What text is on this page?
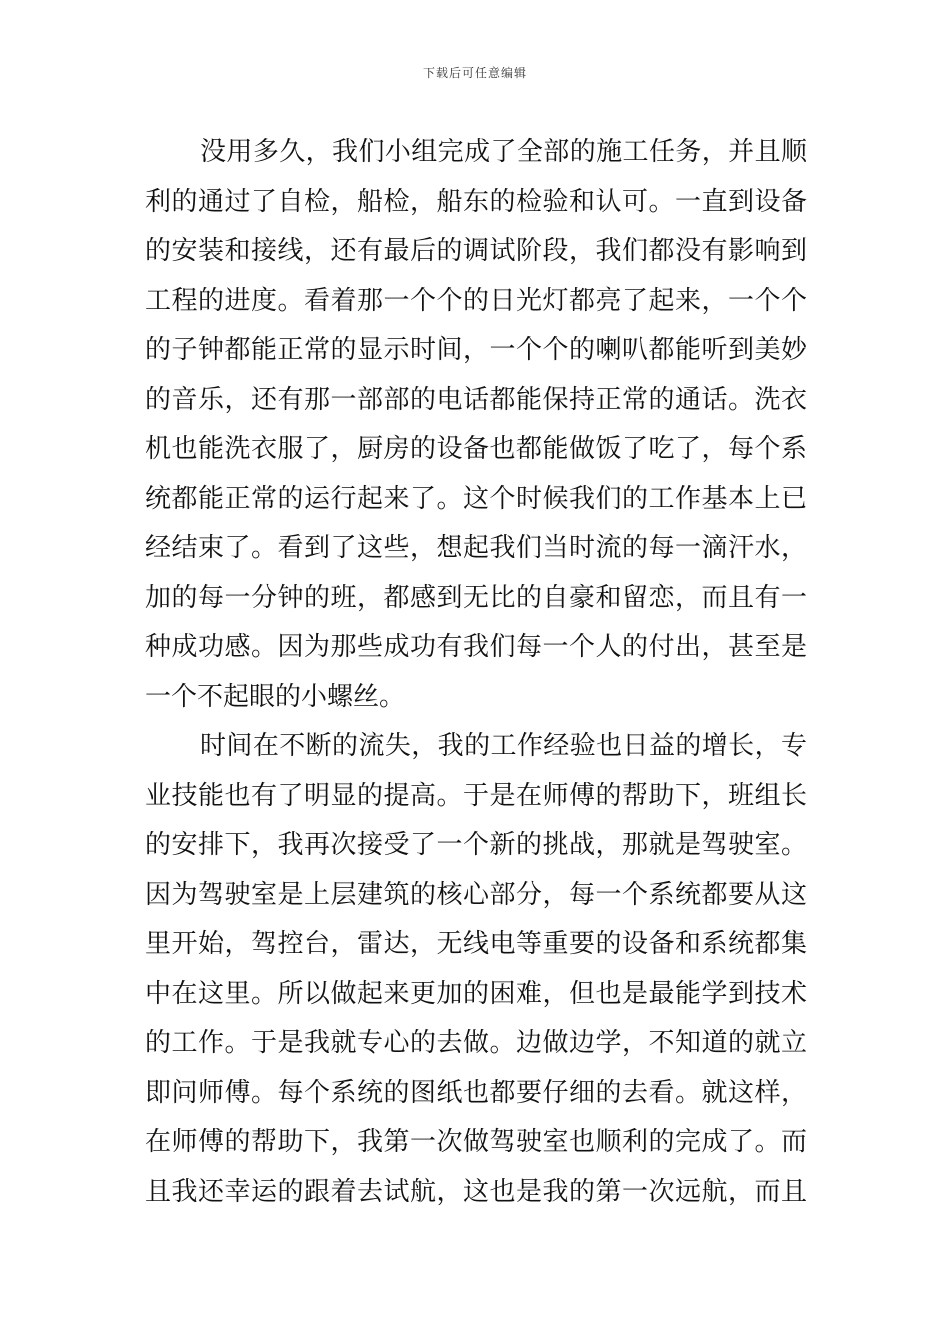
下载后可任意编辑
没用多久，我们小组完成了全部的施工任务，并且顺
利的通过了自检，船检，船东的检验和认可。一直到设备
的安装和接线，还有最后的调试阶段，我们都没有影响到
工程的进度。看着那一个个的日光灯都亮了起来，一个个
的子钟都能正常的显示时间，一个个的喇叭都能听到美妙
的音乐，还有那一部部的电话都能保持正常的通话。洗衣
机也能洗衣服了，厨房的设备也都能做饭了吃了，每个系
统都能正常的运行起来了。这个时候我们的工作基本上已
经结束了。看到了这些，想起我们当时流的每一滴汗水，
加的每一分钟的班，都感到无比的自豪和留恋，而且有一
种成功感。因为那些成功有我们每一个人的付出，甚至是
一个不起眼的小螺丝。
时间在不断的流失，我的工作经验也日益的增长，专
业技能也有了明显的提高。于是在师傅的帮助下，班组长
的安排下，我再次接受了一个新的挑战，那就是驾驶室。
因为驾驶室是上层建筑的核心部分，每一个系统都要从这
里开始，驾控台，雷达，无线电等重要的设备和系统都集
中在这里。所以做起来更加的困难，但也是最能学到技术
的工作。于是我就专心的去做。边做边学，不知道的就立
即问师傅。每个系统的图纸也都要仔细的去看。就这样，
在师傅的帮助下，我第一次做驾驶室也顺利的完成了。而
且我还幸运的跟着去试航，这也是我的第一次远航，而且
